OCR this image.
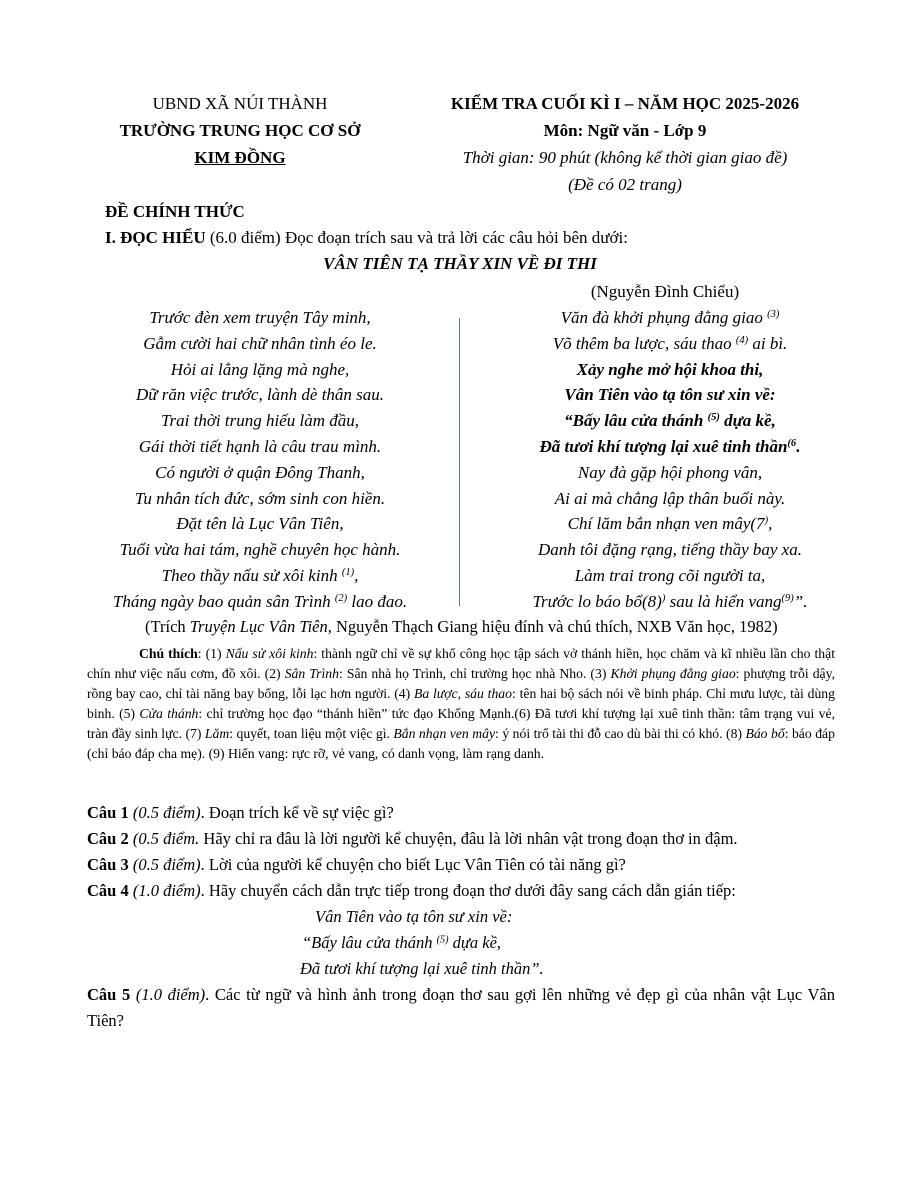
UBND XÃ NÚI THÀNH
TRƯỜNG TRUNG HỌC CƠ SỞ
KIM ĐỒNG
KIỂM TRA CUỐI KÌ I – NĂM HỌC 2025-2026
Môn: Ngữ văn - Lớp 9
Thời gian: 90 phút (không kể thời gian giao đề)
(Đề có 02 trang)
ĐỀ CHÍNH THỨC
I. ĐỌC HIỂU (6.0 điểm) Đọc đoạn trích sau và trả lời các câu hỏi bên dưới:
VÂN TIÊN TẠ THẦY XIN VỀ ĐI THI
(Nguyễn Đình Chiểu)
Trước đèn xem truyện Tây minh,
Gẫm cười hai chữ nhân tình éo le.
Hỏi ai lẳng lặng mà nghe,
Dữ răn việc trước, lành dè thân sau.
Trai thời trung hiếu làm đầu,
Gái thời tiết hạnh là câu trau mình.
Có người ở quận Đông Thanh,
Tu nhân tích đức, sớm sinh con hiền.
Đặt tên là Lục Vân Tiên,
Tuổi vừa hai tám, nghề chuyên học hành.
Theo thầy nấu sử xôi kinh $^{(1)}$,
Tháng ngày bao quản sân Trình $^{(2)}$ lao đao.
Văn đà khởi phụng đằng giao $^{(3)}$
Võ thêm ba lược, sáu thao $^{(4)}$ ai bì.
Xảy nghe mở hội khoa thi,
Vân Tiên vào tạ tôn sư xin về:
“Bấy lâu cửa thánh $^{(5)}$ dựa kề,
Đã tươi khí tượng lại xuê tinh thần$^{(6}$.
Nay đà gặp hội phong vân,
Ai ai mà chẳng lập thân buổi này.
Chí lăm bắn nhạn ven mây(7),
Danh tôi đặng rạng, tiếng thầy bay xa.
Làm trai trong cõi người ta,
Trước lo báo bổ(8)) sau là hiển vang$^{(9)}$”.
(Trích Truyện Lục Vân Tiên, Nguyễn Thạch Giang hiệu đính và chú thích, NXB Văn học, 1982)
Chú thích: (1) Nấu sử xôi kinh: thành ngữ chỉ về sự khổ công học tập sách vở thánh hiền, học chăm và kĩ nhiều lần cho thật chín như việc nấu cơm, đồ xôi. (2) Sân Trình: Sân nhà họ Trình, chỉ trường học nhà Nho. (3) Khởi phụng đằng giao: phượng trỗi dậy, rồng bay cao, chỉ tài năng bay bổng, lỗi lạc hơn người. (4) Ba lược, sáu thao: tên hai bộ sách nói về binh pháp. Chỉ mưu lược, tài dùng binh. (5) Cửa thánh: chỉ trường học đạo “thánh hiền” tức đạo Khổng Mạnh.(6) Đã tươi khí tượng lại xuê tinh thần: tâm trạng vui vẻ, tràn đầy sinh lực. (7) Lăm: quyết, toan liệu một việc gì. Bắn nhạn ven mây: ý nói trổ tài thi đỗ cao dù bài thi có khó. (8) Báo bổ: báo đáp (chỉ báo đáp cha mẹ). (9) Hiển vang: rực rỡ, vẻ vang, có danh vọng, làm rạng danh.

Câu 1 (0.5 điểm). Đoạn trích kể về sự việc gì?

Câu 2 (0.5 điểm. Hãy chỉ ra đâu là lời người kể chuyện, đâu là lời nhân vật trong đoạn thơ in đậm.

Câu 3 (0.5 điểm). Lời của người kể chuyện cho biết Lục Vân Tiên có tài năng gì?

Câu 4 (1.0 điểm). Hãy chuyển cách dẫn trực tiếp trong đoạn thơ dưới đây sang cách dẫn gián tiếp:

Vân Tiên vào tạ tôn sư xin về:
“Bấy lâu cửa thánh $^{(5)}$ dựa kề,
Đã tươi khí tượng lại xuê tinh thần”.

Câu 5 (1.0 điểm). Các từ ngữ và hình ảnh trong đoạn thơ sau gợi lên những vẻ đẹp gì của nhân vật Lục Vân Tiên?
